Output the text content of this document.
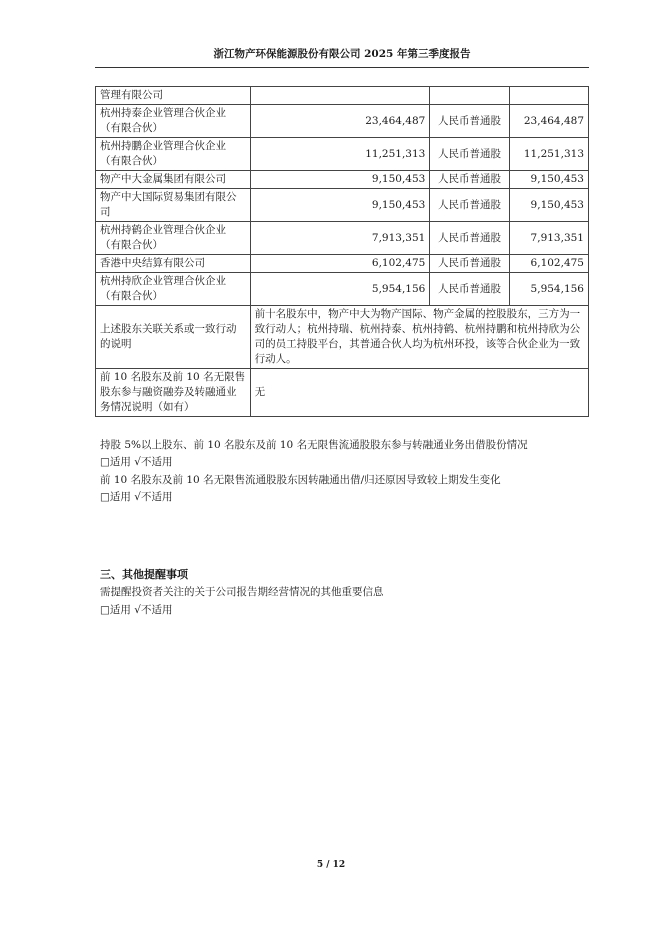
浙江物产环保能源股份有限公司 2025 年第三季度报告
管理有限公司			
杭州持泰企业管理合伙企业（有限合伙）	23,464,487	人民币普通股	23,464,487
杭州持鹏企业管理合伙企业（有限合伙）	11,251,313	人民币普通股	11,251,313
物产中大金属集团有限公司	9,150,453	人民币普通股	9,150,453
物产中大国际贸易集团有限公司	9,150,453	人民币普通股	9,150,453
杭州持鹤企业管理合伙企业（有限合伙）	7,913,351	人民币普通股	7,913,351
香港中央结算有限公司	6,102,475	人民币普通股	6,102,475
杭州持欣企业管理合伙企业（有限合伙）	5,954,156	人民币普通股	5,954,156
上述股东关联关系或一致行动的说明	前十名股东中，物产中大为物产国际、物产金属的控股股东，三方为一致行动人；杭州持瑞、杭州持泰、杭州持鹤、杭州持鹏和杭州持欣为公司的员工持股平台，其普通合伙人均为杭州环投，该等合伙企业为一致行动人。		
前 10 名股东及前 10 名无限售股东参与融资融券及转融通业务情况说明（如有）	无		
持股 5%以上股东、前 10 名股东及前 10 名无限售流通股股东参与转融通业务出借股份情况
□适用 √不适用
前 10 名股东及前 10 名无限售流通股股东因转融通出借/归还原因导致较上期发生变化
□适用 √不适用
三、其他提醒事项
需提醒投资者关注的关于公司报告期经营情况的其他重要信息
□适用 √不适用
5 / 12
